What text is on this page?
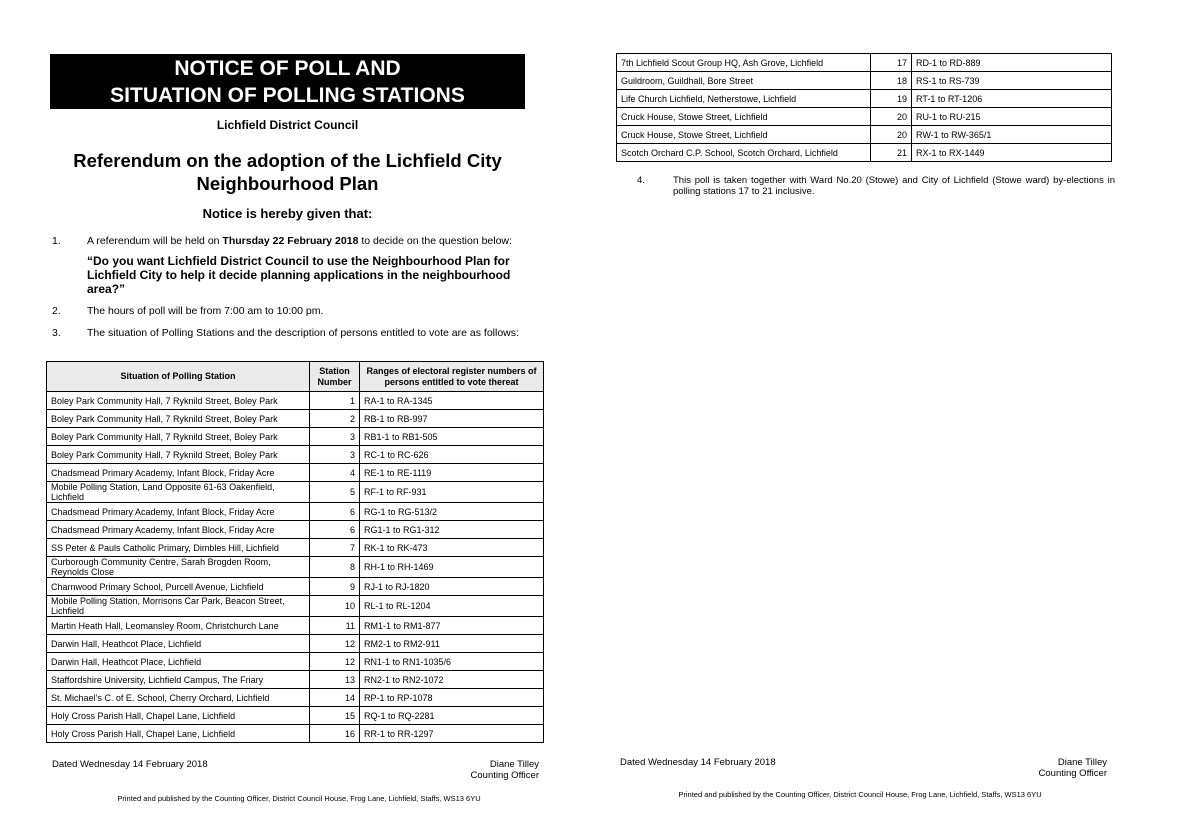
NOTICE OF POLL AND
SITUATION OF POLLING STATIONS
Lichfield District Council
Referendum on the adoption of the Lichfield City
Neighbourhood Plan
Notice is hereby given that:
1. A referendum will be held on Thursday 22 February 2018 to decide on the question below:
“Do you want Lichfield District Council to use the Neighbourhood Plan for Lichfield City to help it decide planning applications in the neighbourhood area?”
2. The hours of poll will be from 7:00 am to 10:00 pm.
3. The situation of Polling Stations and the description of persons entitled to vote are as follows:
Situation of Polling Station	Station Number	Ranges of electoral register numbers of persons entitled to vote thereat
Boley Park Community Hall, 7 Ryknild Street, Boley Park	1	RA-1 to RA-1345
Boley Park Community Hall, 7 Ryknild Street, Boley Park	2	RB-1 to RB-997
Boley Park Community Hall, 7 Ryknild Street, Boley Park	3	RB1-1 to RB1-505
Boley Park Community Hall, 7 Ryknild Street, Boley Park	3	RC-1 to RC-626
Chadsmead Primary Academy, Infant Block, Friday Acre	4	RE-1 to RE-1119
Mobile Polling Station, Land Opposite 61-63 Oakenfield, Lichfield	5	RF-1 to RF-931
Chadsmead Primary Academy, Infant Block, Friday Acre	6	RG-1 to RG-513/2
Chadsmead Primary Academy, Infant Block, Friday Acre	6	RG1-1 to RG1-312
SS Peter & Pauls Catholic Primary, Dimbles Hill, Lichfield	7	RK-1 to RK-473
Curborough Community Centre, Sarah Brogden Room, Reynolds Close	8	RH-1 to RH-1469
Charnwood Primary School, Purcell Avenue, Lichfield	9	RJ-1 to RJ-1820
Mobile Polling Station, Morrisons Car Park, Beacon Street, Lichfield	10	RL-1 to RL-1204
Martin Heath Hall, Leomansley Room, Christchurch Lane	11	RM1-1 to RM1-877
Darwin Hall, Heathcot Place, Lichfield	12	RM2-1 to RM2-911
Darwin Hall, Heathcot Place, Lichfield	12	RN1-1 to RN1-1035/6
Staffordshire University, Lichfield Campus, The Friary	13	RN2-1 to RN2-1072
St. Michael’s C. of E. School, Cherry Orchard, Lichfield	14	RP-1 to RP-1078
Holy Cross Parish Hall, Chapel Lane, Lichfield	15	RQ-1 to RQ-2281
Holy Cross Parish Hall, Chapel Lane, Lichfield	16	RR-1 to RR-1297
Dated Wednesday 14 February 2018	Diane Tilley
Counting Officer
Printed and published by the Counting Officer, District Council House, Frog Lane, Lichfield, Staffs, WS13 6YU
7th Lichfield Scout Group HQ, Ash Grove, Lichfield	17	RD-1 to RD-889
Guildroom, Guildhall, Bore Street	18	RS-1 to RS-739
Life Church Lichfield, Netherstowe, Lichfield	19	RT-1 to RT-1206
Cruck House, Stowe Street, Lichfield	20	RU-1 to RU-215
Cruck House, Stowe Street, Lichfield	20	RW-1 to RW-365/1
Scotch Orchard C.P. School, Scotch Orchard, Lichfield	21	RX-1 to RX-1449
4.	This poll is taken together with Ward No.20 (Stowe) and City of Lichfield (Stowe ward) by-elections in polling stations 17 to 21 inclusive.
Dated Wednesday 14 February 2018	Diane Tilley
Counting Officer
Printed and published by the Counting Officer, District Council House, Frog Lane, Lichfield, Staffs, WS13 6YU
